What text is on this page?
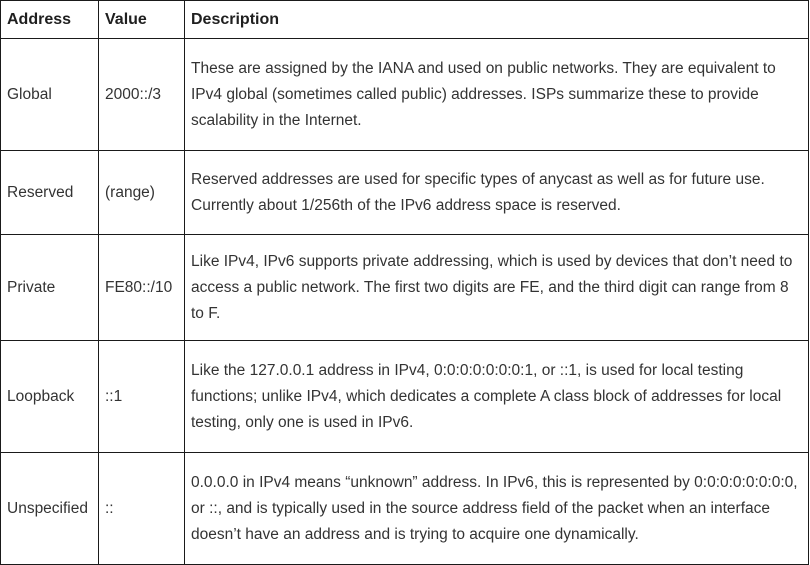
Address	Value	Description
Global	2000::/3	These are assigned by the IANA and used on public networks. They are equivalent to IPv4 global (sometimes called public) addresses. ISPs summarize these to provide scalability in the Internet.
Reserved	(range)	Reserved addresses are used for specific types of anycast as well as for future use. Currently about 1/256th of the IPv6 address space is reserved.
Private	FE80::/10	Like IPv4, IPv6 supports private addressing, which is used by devices that don’t need to access a public network. The first two digits are FE, and the third digit can range from 8 to F.
Loopback	::1	Like the 127.0.0.1 address in IPv4, 0:0:0:0:0:0:0:1, or ::1, is used for local testing functions; unlike IPv4, which dedicates a complete A class block of addresses for local testing, only one is used in IPv6.
Unspecified	::	0.0.0.0 in IPv4 means “unknown” address. In IPv6, this is represented by 0:0:0:0:0:0:0:0, or ::, and is typically used in the source address field of the packet when an interface doesn’t have an address and is trying to acquire one dynamically.
